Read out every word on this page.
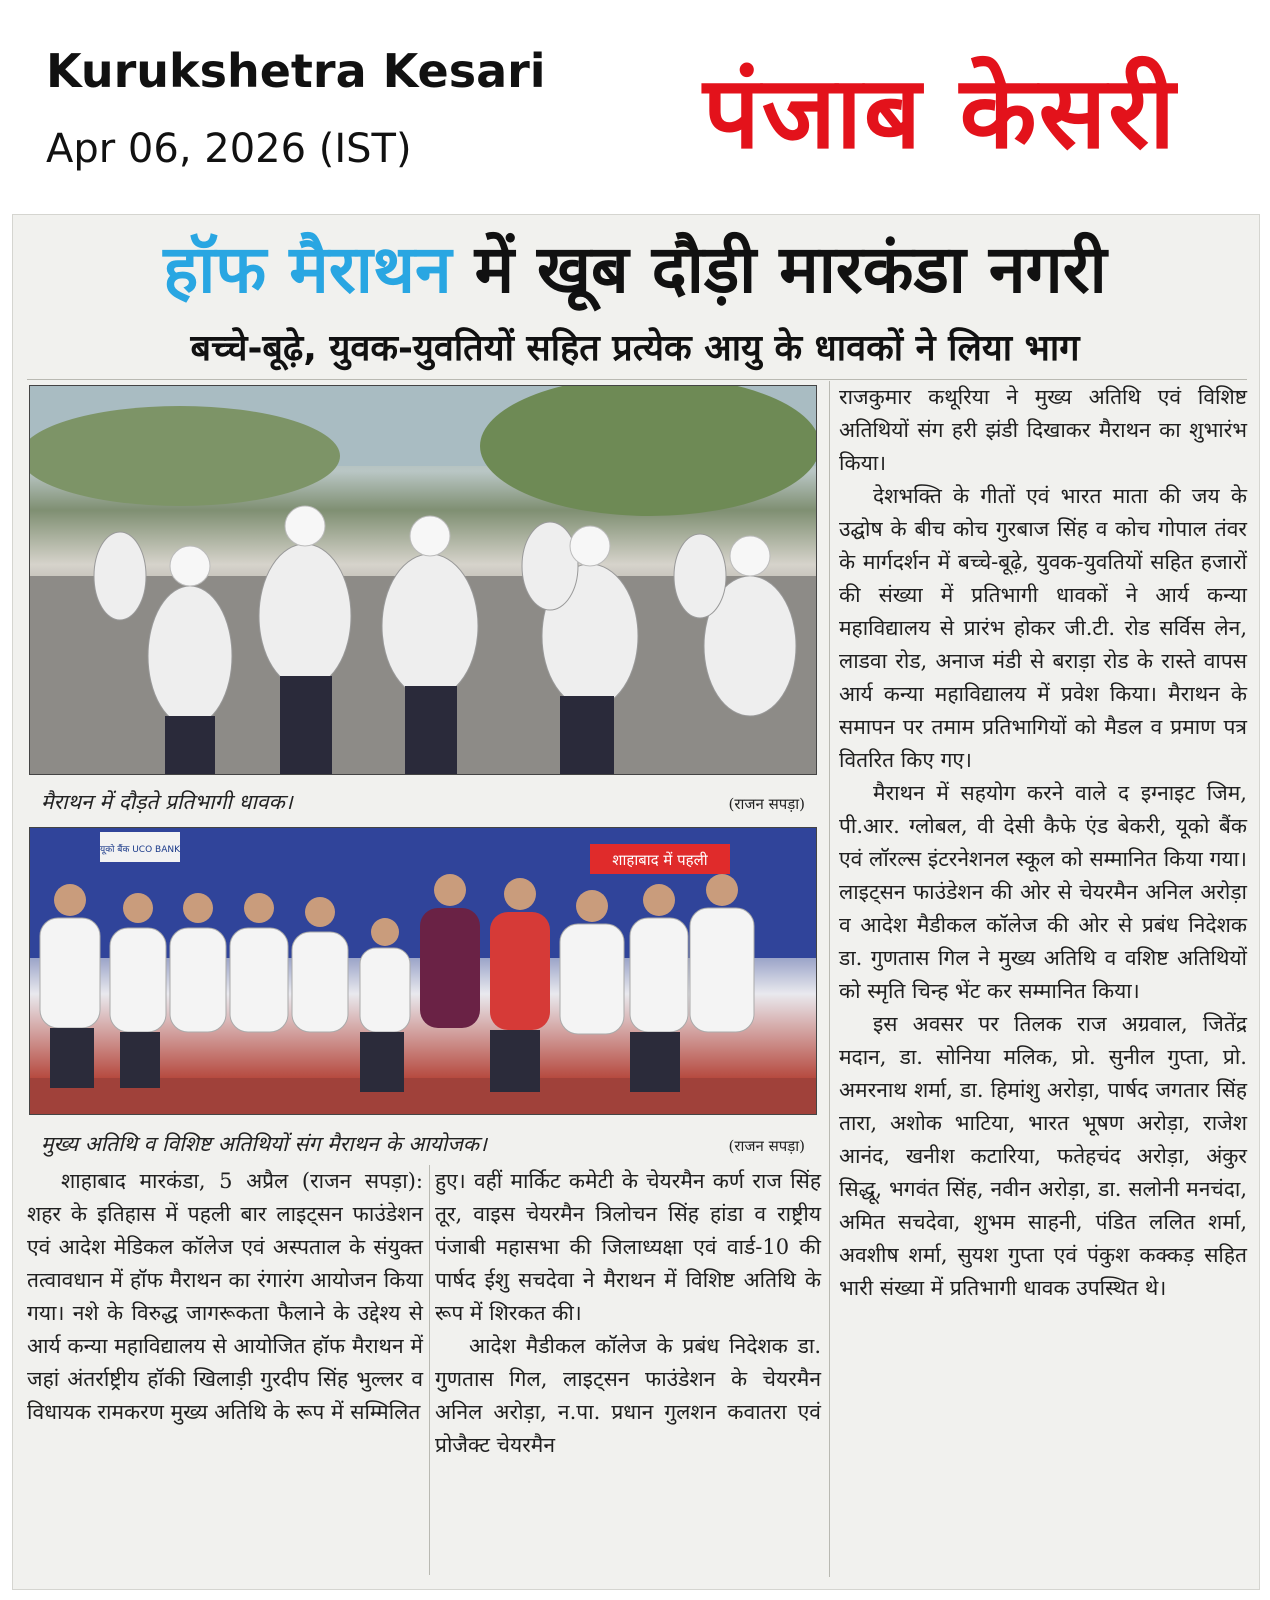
Kurukshetra Kesari
Apr 06, 2026 (IST)	पंजाब केसरी
हॉफ मैराथन में खूब दौड़ी मारकंडा नगरी
बच्चे-बूढ़े, युवक-युवतियों सहित प्रत्येक आयु के धावकों ने लिया भाग
मैराथन में दौड़ते प्रतिभागी धावक।	(राजन सपड़ा)
यूको बैंक UCO BANK
शाहाबाद में पहली
मुख्य अतिथि व विशिष्ट अतिथियों संग मैराथन के आयोजक।	(राजन सपड़ा)

शाहाबाद मारकंडा, 5 अप्रैल (राजन सपड़ा): शहर के इतिहास में पहली बार लाइट्सन फाउंडेशन एवं आदेश मेडिकल कॉलेज एवं अस्पताल के संयुक्त तत्वावधान में हॉफ मैराथन का रंगारंग आयोजन किया गया। नशे के विरुद्ध जागरूकता फैलाने के उद्देश्य से आर्य कन्या महाविद्यालय से आयोजित हॉफ मैराथन में जहां अंतर्राष्ट्रीय हॉकी खिलाड़ी गुरदीप सिंह भुल्लर व विधायक रामकरण मुख्य अतिथि के रूप में सम्मिलित

हुए। वहीं मार्किट कमेटी के चेयरमैन कर्ण राज सिंह तूर, वाइस चेयरमैन त्रिलोचन सिंह हांडा व राष्ट्रीय पंजाबी महासभा की जिलाध्यक्षा एवं वार्ड-10 की पार्षद ईशु सचदेवा ने मैराथन में विशिष्ट अतिथि के रूप में शिरकत की।

आदेश मैडीकल कॉलेज के प्रबंध निदेशक डा. गुणतास गिल, लाइट्सन फाउंडेशन के चेयरमैन अनिल अरोड़ा, न.पा. प्रधान गुलशन कवातरा एवं प्रोजैक्ट चेयरमैन

राजकुमार कथूरिया ने मुख्य अतिथि एवं विशिष्ट अतिथियों संग हरी झंडी दिखाकर मैराथन का शुभारंभ किया।

देशभक्ति के गीतों एवं भारत माता की जय के उद्घोष के बीच कोच गुरबाज सिंह व कोच गोपाल तंवर के मार्गदर्शन में बच्चे-बूढ़े, युवक-युवतियों सहित हजारों की संख्या में प्रतिभागी धावकों ने आर्य कन्या महाविद्यालय से प्रारंभ होकर जी.टी. रोड सर्विस लेन, लाडवा रोड, अनाज मंडी से बराड़ा रोड के रास्ते वापस आर्य कन्या महाविद्यालय में प्रवेश किया। मैराथन के समापन पर तमाम प्रतिभागियों को मैडल व प्रमाण पत्र वितरित किए गए।

मैराथन में सहयोग करने वाले द इग्नाइट जिम, पी.आर. ग्लोबल, वी देसी कैफे एंड बेकरी, यूको बैंक एवं लॉरल्स इंटरनेशनल स्कूल को सम्मानित किया गया। लाइट्सन फाउंडेशन की ओर से चेयरमैन अनिल अरोड़ा व आदेश मैडीकल कॉलेज की ओर से प्रबंध निदेशक डा. गुणतास गिल ने मुख्य अतिथि व वशिष्ट अतिथियों को स्मृति चिन्ह भेंट कर सम्मानित किया।

इस अवसर पर तिलक राज अग्रवाल, जितेंद्र मदान, डा. सोनिया मलिक, प्रो. सुनील गुप्ता, प्रो. अमरनाथ शर्मा, डा. हिमांशु अरोड़ा, पार्षद जगतार सिंह तारा, अशोक भाटिया, भारत भूषण अरोड़ा, राजेश आनंद, खनीश कटारिया, फतेहचंद अरोड़ा, अंकुर सिद्धू, भगवंत सिंह, नवीन अरोड़ा, डा. सलोनी मनचंदा, अमित सचदेवा, शुभम साहनी, पंडित ललित शर्मा, अवशीष शर्मा, सुयश गुप्ता एवं पंकुश कक्कड़ सहित भारी संख्या में प्रतिभागी धावक उपस्थित थे।
